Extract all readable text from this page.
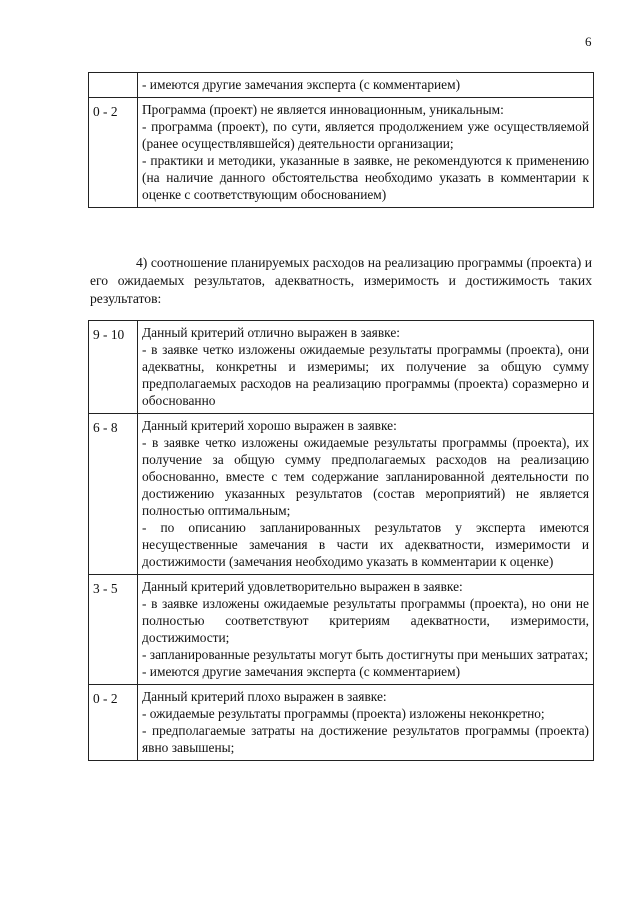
6

	- имеются другие замечания эксперта (с комментарием)

0 - 2	Программа (проект) не является инновационным, уникальным:
- программа (проект), по сути, является продолжением уже осуществляемой (ранее осуществлявшейся) деятельности организации;
- практики и методики, указанные в заявке, не рекомендуются к применению (на наличие данного обстоятельства необходимо указать в комментарии к оценке с соответствующим обоснованием)
4) соотношение планируемых расходов на реализацию программы (проекта) и его ожидаемых результатов, адекватность, измеримость и достижимость таких результатов:
9 - 10	Данный критерий отлично выражен в заявке:
- в заявке четко изложены ожидаемые результаты программы (проекта), они адекватны, конкретны и измеримы; их получение за общую сумму предполагаемых расходов на реализацию программы (проекта) соразмерно и обоснованно

6 - 8	Данный критерий хорошо выражен в заявке:
- в заявке четко изложены ожидаемые результаты программы (проекта), их получение за общую сумму предполагаемых расходов на реализацию обоснованно, вместе с тем содержание запланированной деятельности по достижению указанных результатов (состав мероприятий) не является полностью оптимальным;
- по описанию запланированных результатов у эксперта имеются несущественные замечания в части их адекватности, измеримости и достижимости (замечания необходимо указать в комментарии к оценке)

3 - 5	Данный критерий удовлетворительно выражен в заявке:
- в заявке изложены ожидаемые результаты программы (проекта), но они не полностью соответствуют критериям адекватности, измеримости, достижимости;
- запланированные результаты могут быть достигнуты при меньших затратах;
- имеются другие замечания эксперта (с комментарием)

0 - 2	Данный критерий плохо выражен в заявке:
- ожидаемые результаты программы (проекта) изложены неконкретно;
- предполагаемые затраты на достижение результатов программы (проекта) явно завышены;
